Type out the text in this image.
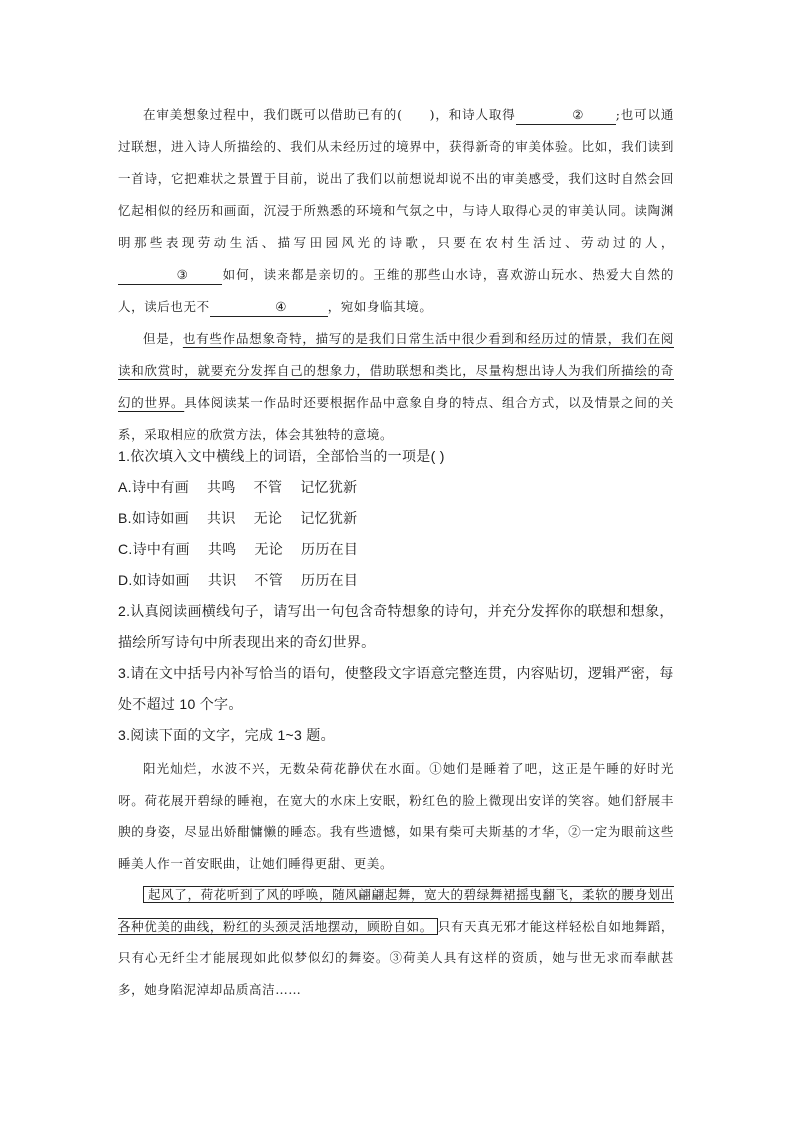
在审美想象过程中，我们既可以借助已有的(　　)，和诗人取得	②	;也可以通过联想，进入诗人所描绘的、我们从未经历过的境界中，获得新奇的审美体验。比如，我们读到一首诗，它把难状之景置于目前，说出了我们以前想说却说不出的审美感受，我们这时自然会回忆起相似的经历和画面，沉浸于所熟悉的环境和气氛之中，与诗人取得心灵的审美认同。读陶渊明那些表现劳动生活、描写田园风光的诗歌，只要在农村生活过、劳动过的人，③	如何，读来都是亲切的。王维的那些山水诗，喜欢游山玩水、热爱大自然的人，读后也无不	④	，宛如身临其境。

但是，也有些作品想象奇特，描写的是我们日常生活中很少看到和经历过的情景，我们在阅读和欣赏时，就要充分发挥自己的想象力，借助联想和类比，尽量构想出诗人为我们所描绘的奇幻的世界。具体阅读某一作品时还要根据作品中意象自身的特点、组合方式，以及情景之间的关系，采取相应的欣赏方法，体会其独特的意境。

1.依次填入文中横线上的词语，全部恰当的一项是( )

A.诗中有画 共鸣 不管 记忆犹新

B.如诗如画 共识 无论 记忆犹新

C.诗中有画 共鸣 无论 历历在目

D.如诗如画 共识 不管 历历在目

2.认真阅读画横线句子，请写出一句包含奇特想象的诗句，并充分发挥你的联想和想象，描绘所写诗句中所表现出来的奇幻世界。

3.请在文中括号内补写恰当的语句，使整段文字语意完整连贯，内容贴切，逻辑严密，每处不超过 10 个字。

3.阅读下面的文字，完成 1~3 题。

阳光灿烂，水波不兴，无数朵荷花静伏在水面。①她们是睡着了吧，这正是午睡的好时光呀。荷花展开碧绿的睡袍，在宽大的水床上安眠，粉红色的脸上微现出安详的笑容。她们舒展丰腴的身姿，尽显出娇酣慵懒的睡态。我有些遗憾，如果有柴可夫斯基的才华，②一定为眼前这些睡美人作一首安眠曲，让她们睡得更甜、更美。

起风了，荷花听到了风的呼唤，随风翩翩起舞，宽大的碧绿舞裙摇曳翻飞，柔软的腰身划出各种优美的曲线，粉红的头颈灵活地摆动，顾盼自如。 只有天真无邪才能这样轻松自如地舞蹈，只有心无纤尘才能展现如此似梦似幻的舞姿。③荷美人具有这样的资质，她与世无求而奉献甚多，她身陷泥淖却品质高洁……
